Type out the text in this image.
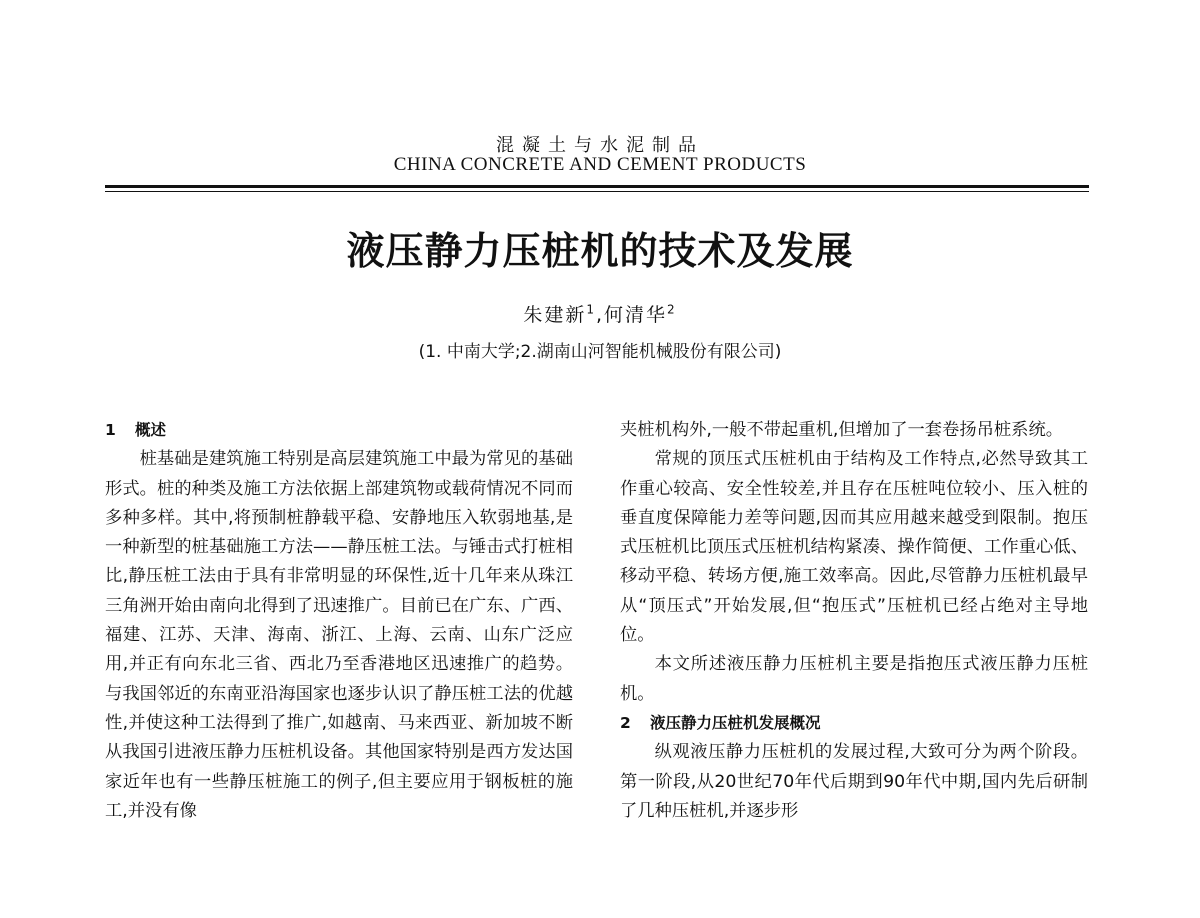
混凝土与水泥制品
CHINA CONCRETE AND CEMENT PRODUCTS
液压静力压桩机的技术及发展
朱建新$^1$,何清华$^2$
(1. 中南大学;2.湖南山河智能机械股份有限公司)
1 概述

桩基础是建筑施工特别是高层建筑施工中最为常见的基础形式。桩的种类及施工方法依据上部建筑物或载荷情况不同而多种多样。其中,将预制桩静载平稳、安静地压入软弱地基,是一种新型的桩基础施工方法——静压桩工法。与锤击式打桩相比,静压桩工法由于具有非常明显的环保性,近十几年来从珠江三角洲开始由南向北得到了迅速推广。目前已在广东、广西、福建、江苏、天津、海南、浙江、上海、云南、山东广泛应用,并正有向东北三省、西北乃至香港地区迅速推广的趋势。与我国邻近的东南亚沿海国家也逐步认识了静压桩工法的优越性,并使这种工法得到了推广,如越南、马来西亚、新加坡不断从我国引进液压静力压桩机设备。其他国家特别是西方发达国家近年也有一些静压桩施工的例子,但主要应用于钢板桩的施工,并没有像

夹桩机构外,一般不带起重机,但增加了一套卷扬吊桩系统。

常规的顶压式压桩机由于结构及工作特点,必然导致其工作重心较高、安全性较差,并且存在压桩吨位较小、压入桩的垂直度保障能力差等问题,因而其应用越来越受到限制。抱压式压桩机比顶压式压桩机结构紧凑、操作简便、工作重心低、移动平稳、转场方便,施工效率高。因此,尽管静力压桩机最早从“顶压式”开始发展,但“抱压式”压桩机已经占绝对主导地位。

本文所述液压静力压桩机主要是指抱压式液压静力压桩机。

2 液压静力压桩机发展概况

纵观液压静力压桩机的发展过程,大致可分为两个阶段。第一阶段,从20世纪70年代后期到90年代中期,国内先后研制了几种压桩机,并逐步形
